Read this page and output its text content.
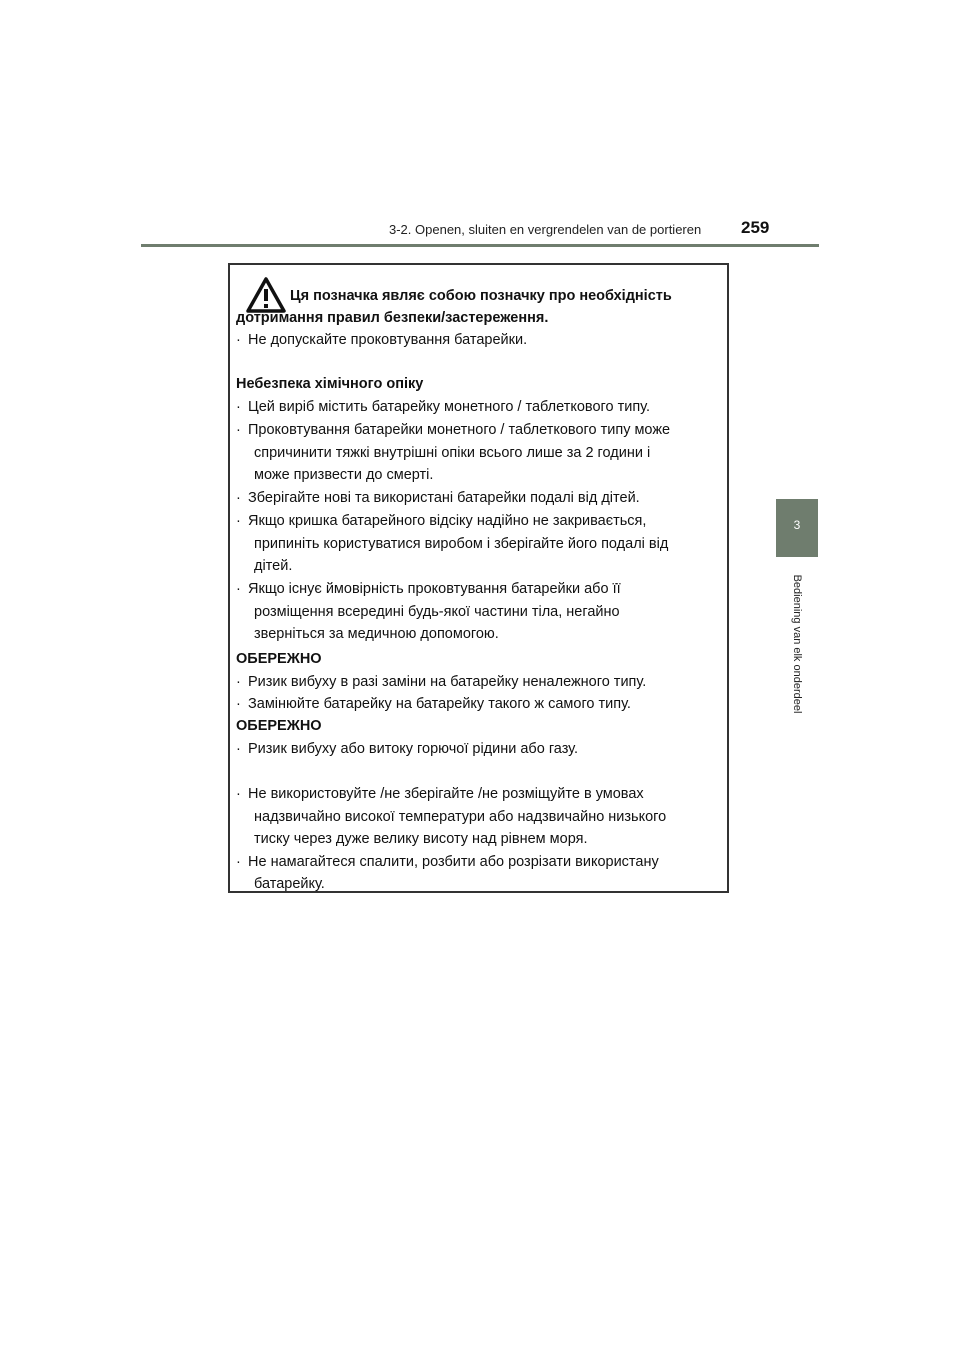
3-2. Openen, sluiten en vergrendelen van de portieren 259
3
Bediening van elk onderdeel
Ця позначка являє собою позначку про необхідність
дотримання правил безпеки/застереження.
· Не допускайте проковтування батарейки.
Небезпека хімічного опіку
· Цей виріб містить батарейку монетного / таблеткового типу.
· Проковтування батарейки монетного / таблеткового типу може
спричинити тяжкі внутрішні опіки всього лише за 2 години і
може призвести до смерті.
· Зберігайте нові та використані батарейки подалі від дітей.
· Якщо кришка батарейного відсіку надійно не закривається,
припиніть користуватися виробом і зберігайте його подалі від
дітей.
· Якщо існує ймовірність проковтування батарейки або її
розміщення всередині будь-якої частини тіла, негайно
зверніться за медичною допомогою.
ОБЕРЕЖНО
· Ризик вибуху в разі заміни на батарейку неналежного типу.
· Замінюйте батарейку на батарейку такого ж самого типу.
ОБЕРЕЖНО
· Ризик вибуху або витоку горючої рідини або газу.
· Не використовуйте /не зберігайте /не розміщуйте в умовах
надзвичайно високої температури або надзвичайно низького
тиску через дуже велику висоту над рівнем моря.
· Не намагайтеся спалити, розбити або розрізати використану
батарейку.
